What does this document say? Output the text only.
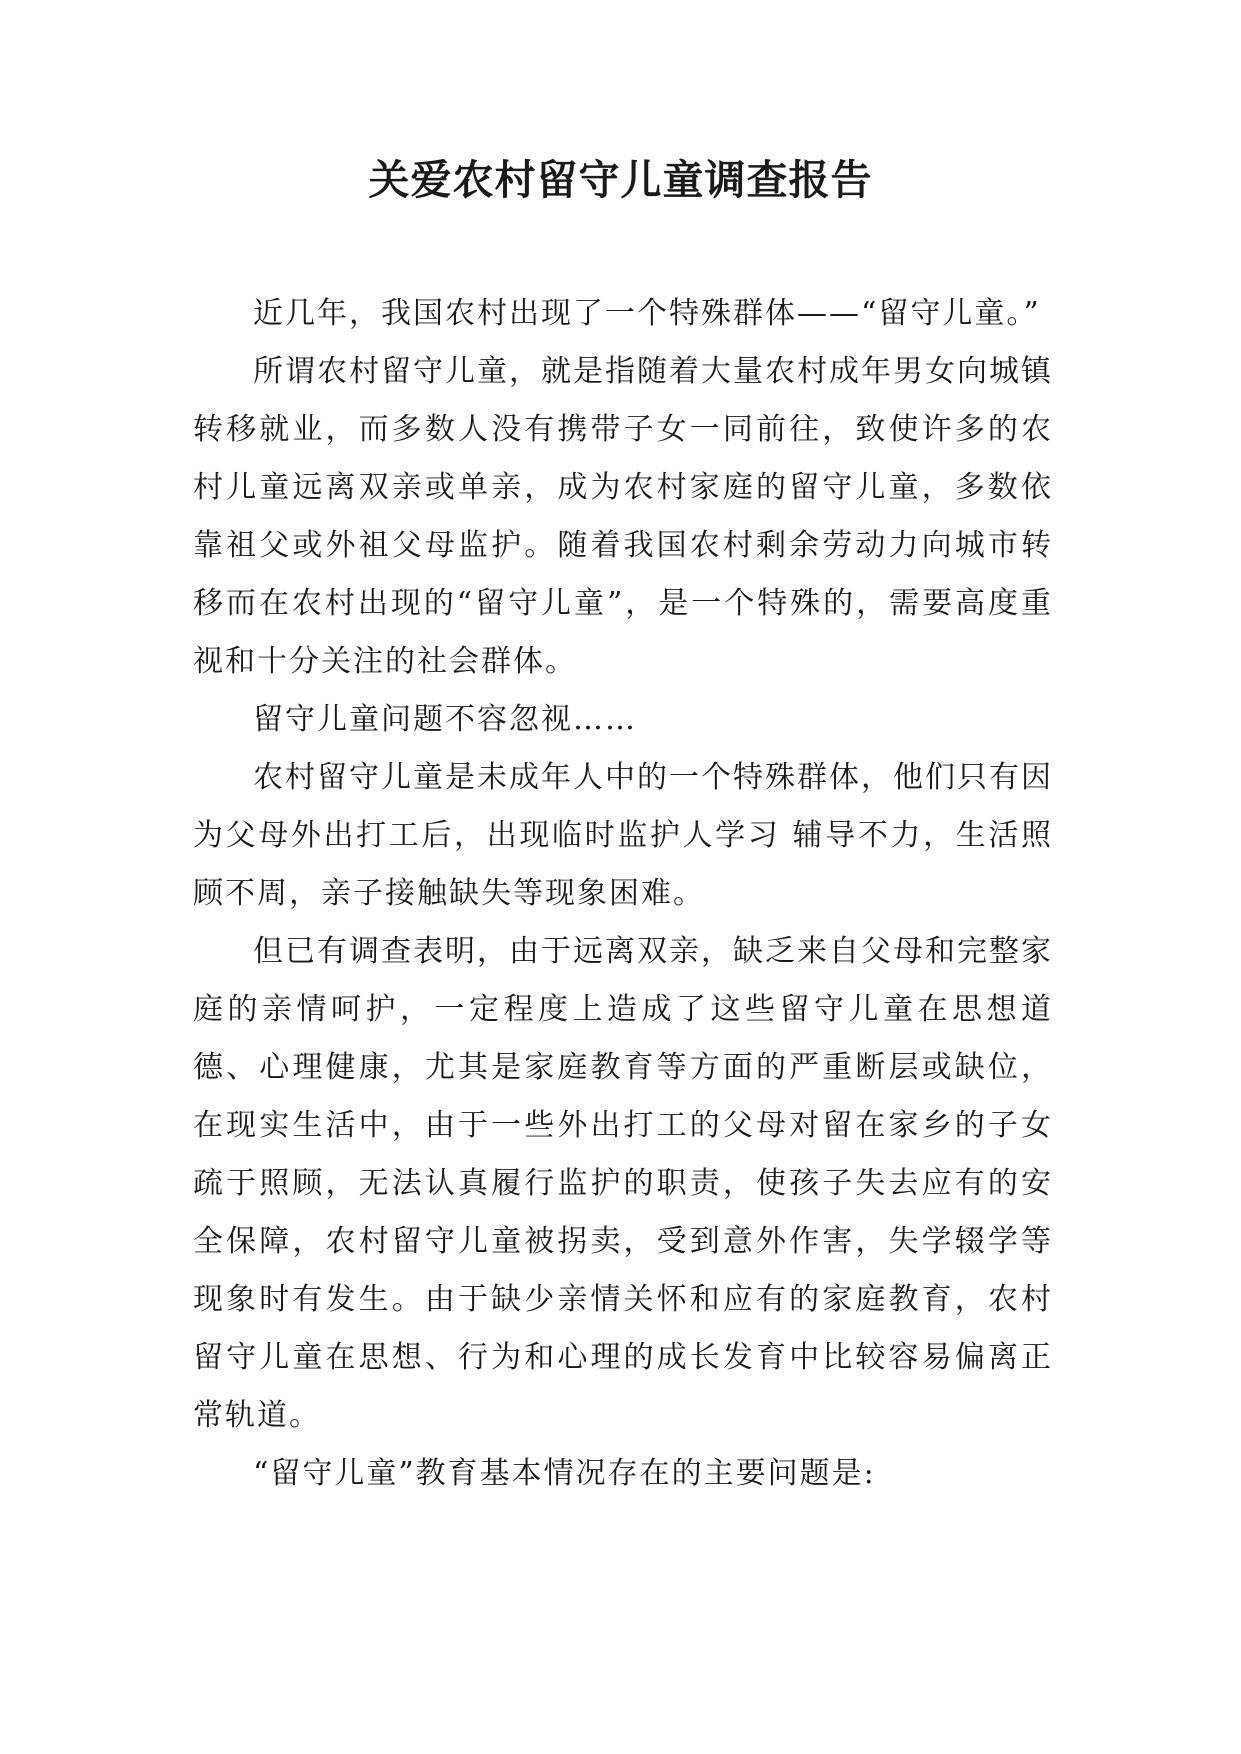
关爱农村留守儿童调查报告

近几年，我国农村出现了一个特殊群体——“留守儿童。”

所谓农村留守儿童，就是指随着大量农村成年男女向城镇转移就业，而多数人没有携带子女一同前往，致使许多的农村儿童远离双亲或单亲，成为农村家庭的留守儿童，多数依靠祖父或外祖父母监护。随着我国农村剩余劳动力向城市转移而在农村出现的“留守儿童”，是一个特殊的，需要高度重视和十分关注的社会群体。

留守儿童问题不容忽视……

农村留守儿童是未成年人中的一个特殊群体，他们只有因为父母外出打工后，出现临时监护人学习 辅导不力，生活照顾不周，亲子接触缺失等现象困难。

但已有调查表明，由于远离双亲，缺乏来自父母和完整家庭的亲情呵护，一定程度上造成了这些留守儿童在思想道德、心理健康，尤其是家庭教育等方面的严重断层或缺位，在现实生活中，由于一些外出打工的父母对留在家乡的子女疏于照顾，无法认真履行监护的职责，使孩子失去应有的安全保障，农村留守儿童被拐卖，受到意外作害，失学辍学等现象时有发生。由于缺少亲情关怀和应有的家庭教育，农村留守儿童在思想、行为和心理的成长发育中比较容易偏离正常轨道。

“留守儿童”教育基本情况存在的主要问题是:
